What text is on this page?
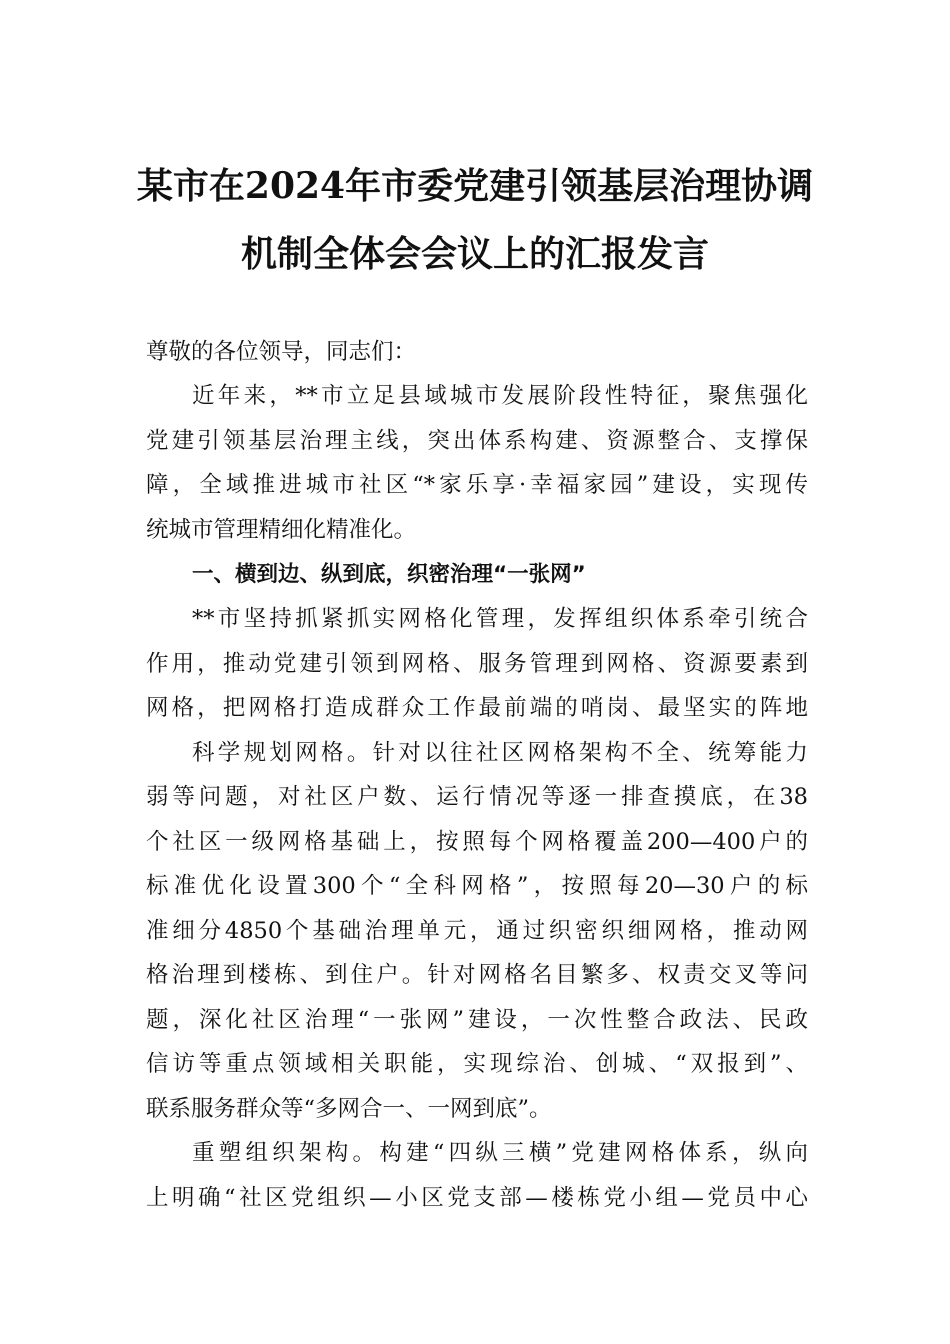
某市在2024年市委党建引领基层治理协调
机制全体会会议上的汇报发言
尊敬的各位领导，同志们：
近年来，**市立足县域城市发展阶段性特征，聚焦强化
党建引领基层治理主线，突出体系构建、资源整合、支撑保
障，全域推进城市社区“*家乐享·幸福家园”建设，实现传
统城市管理精细化精准化。
一、横到边、纵到底，织密治理“一张网”
**市坚持抓紧抓实网格化管理，发挥组织体系牵引统合
作用，推动党建引领到网格、服务管理到网格、资源要素到
网格，把网格打造成群众工作最前端的哨岗、最坚实的阵地
科学规划网格。针对以往社区网格架构不全、统筹能力
弱等问题，对社区户数、运行情况等逐一排查摸底，在38
个社区一级网格基础上，按照每个网格覆盖200—400户的
标准优化设置300个“全科网格”，按照每20—30户的标
准细分4850个基础治理单元，通过织密织细网格，推动网
格治理到楼栋、到住户。针对网格名目繁多、权责交叉等问
题，深化社区治理“一张网”建设，一次性整合政法、民政
信访等重点领域相关职能，实现综治、创城、“双报到”、
联系服务群众等“多网合一、一网到底”。
重塑组织架构。构建“四纵三横”党建网格体系，纵向
上明确“社区党组织—小区党支部—楼栋党小组—党员中心
